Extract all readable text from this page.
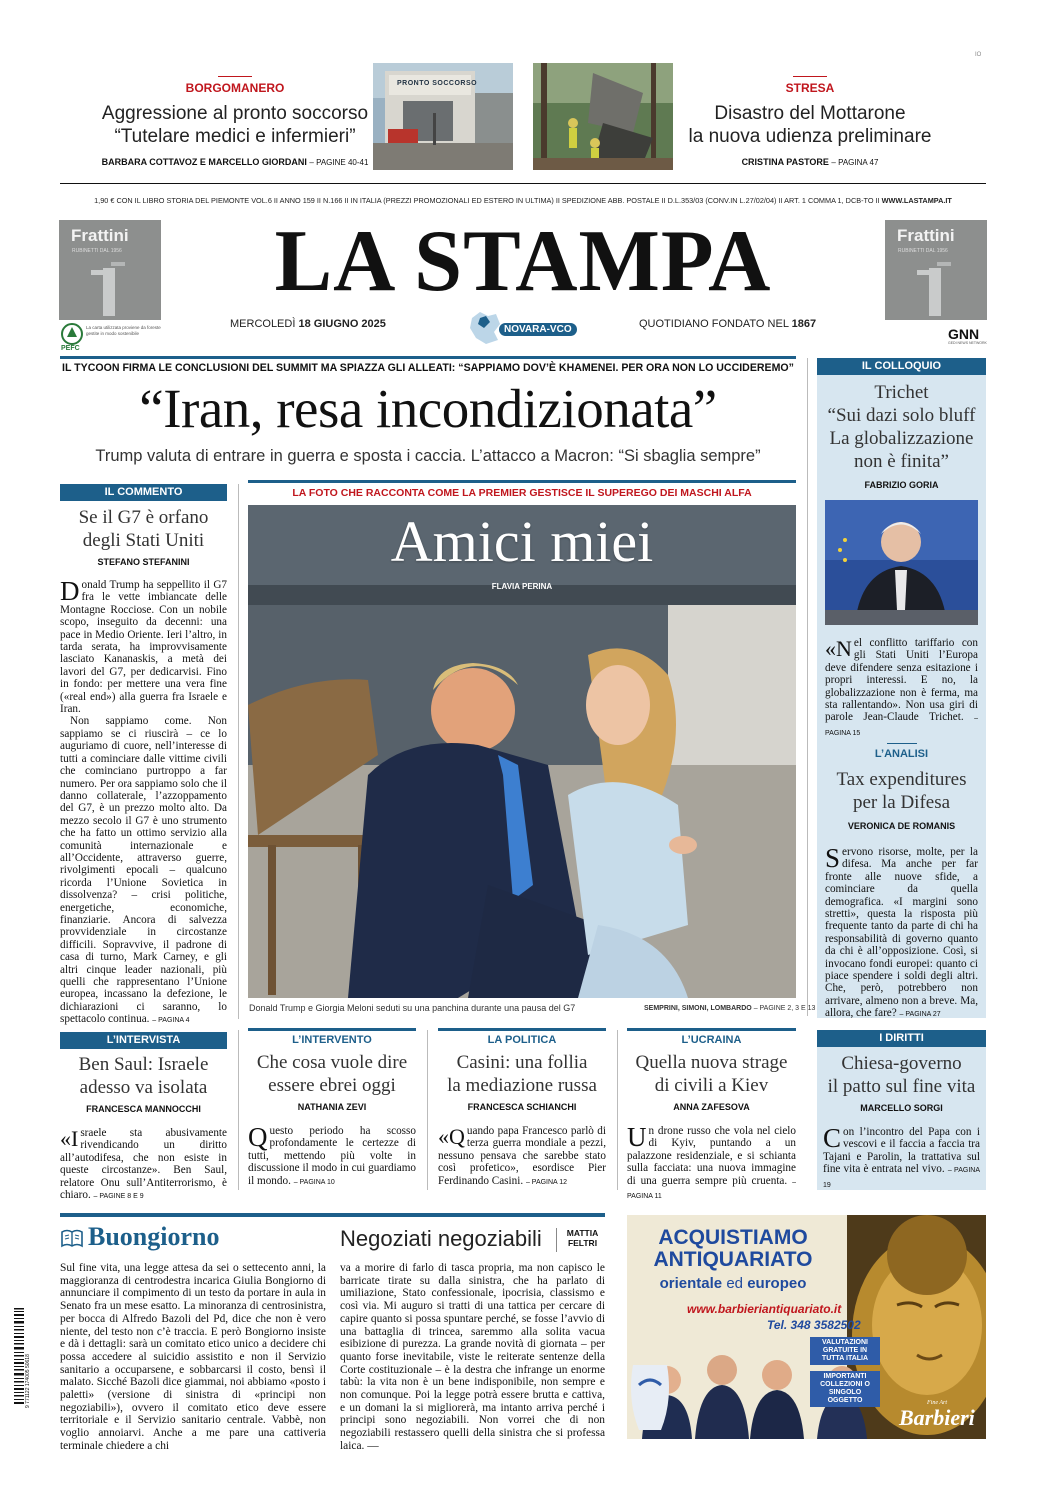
IO
BORGOMANERO
Aggressione al pronto soccorso
“Tutelare medici e infermieri”
BARBARA COTTAVOZ E MARCELLO GIORDANI – PAGINE 40-41
PRONTO SOCCORSO	STRESA
Disastro del Mottarone
la nuova udienza preliminare
CRISTINA PASTORE – PAGINA 47
1,90 € CON IL LIBRO STORIA DEL PIEMONTE VOL.6 II ANNO 159 II N.166 II IN ITALIA (PREZZI PROMOZIONALI ED ESTERO IN ULTIMA) II SPEDIZIONE ABB. POSTALE II D.L.353/03 (CONV.IN L.27/02/04) II ART. 1 COMMA 1, DCB-TO II WWW.LASTAMPA.IT
Frattini
RUBINETTI DAL 1956
PEFC
La carta utilizzata proviene da foreste gestite in modo sostenibile
Frattini
RUBINETTI DAL 1956
LA STAMPA
MERCOLEDÌ 18 GIUGNO 2025	NOVARA-VCO	QUOTIDIANO FONDATO NEL 1867
GNN
GEDI NEWS NETWORK
IL TYCOON FIRMA LE CONCLUSIONI DEL SUMMIT MA SPIAZZA GLI ALLEATI: “SAPPIAMO DOV’È KHAMENEI. PER ORA NON LO UCCIDEREMO”
“Iran, resa incondizionata”
Trump valuta di entrare in guerra e sposta i caccia. L’attacco a Macron: “Si sbaglia sempre”
IL COMMENTO
Se il G7 è orfano
degli Stati Uniti
STEFANO STEFANINI
Donald Trump ha seppellito il G7 fra le vette imbiancate delle Montagne Rocciose. Con un nobile scopo, inseguito da decenni: una pace in Medio Oriente. Ieri l’altro, in tarda serata, ha improvvisamente lasciato Kananaskis, a metà dei lavori del G7, per dedicarvisi. Fino in fondo: per mettere una vera fine («real end») alla guerra fra Israele e Iran.
Non sappiamo come. Non sappiamo se ci riuscirà – ce lo auguriamo di cuore, nell’interesse di tutti a cominciare dalle vittime civili che cominciano purtroppo a far numero. Per ora sappiamo solo che il danno collaterale, l’azzoppamento del G7, è un prezzo molto alto. Da mezzo secolo il G7 è uno strumento che ha fatto un ottimo servizio alla comunità internazionale e all’Occidente, attraverso guerre, rivolgimenti epocali – qualcuno ricorda l’Unione Sovietica in dissolvenza? – crisi politiche, energetiche, economiche, finanziarie. Ancora di salvezza provvidenziale in circostanze difficili. Sopravvive, il padrone di casa di turno, Mark Carney, e gli altri cinque leader nazionali, più quelli che rappresentano l’Unione europea, incassano la defezione, le dichiarazioni ci saranno, lo spettacolo continua. – PAGINA 4
LA FOTO CHE RACCONTA COME LA PREMIER GESTISCE IL SUPEREGO DEI MASCHI ALFA
Amici miei
FLAVIA PERINA
Donald Trump e Giorgia Meloni seduti su una panchina durante una pausa del G7	SEMPRINI, SIMONI, LOMBARDO – PAGINE 2, 3 E 13
IL COLLOQUIO
Trichet
“Sui dazi solo bluff
La globalizzazione
non è finita”
FABRIZIO GORIA
«N el conflitto tariffario con gli Stati Uniti l’Europa deve difendere senza esitazione i propri interessi. E no, la globalizzazione non è ferma, ma sta rallentando». Non usa giri di parole Jean-Claude Trichet. – PAGINA 15
L’ANALISI
Tax expenditures
per la Difesa
VERONICA DE ROMANIS
Servono risorse, molte, per la difesa. Ma anche per far fronte alle nuove sfide, a cominciare da quella demografica. «I margini sono stretti», questa la risposta più frequente tanto da parte di chi ha responsabilità di governo quanto da chi è all’opposizione. Così, si invocano fondi europei: quanto ci piace spendere i soldi degli altri. Che, però, potrebbero non arrivare, almeno non a breve. Ma, allora, che fare? – PAGINA 27
L’INTERVISTA
Ben Saul: Israele
adesso va isolata
FRANCESCA MANNOCCHI
«I sraele sta abusivamente rivendicando un diritto all’autodifesa, che non esiste in queste circostanze». Ben Saul, relatore Onu sull’Antiterrorismo, è chiaro. – PAGINE 8 E 9
L’INTERVENTO
Che cosa vuole dire
essere ebrei oggi
NATHANIA ZEVI
Questo periodo ha scosso profondamente le certezze di tutti, mettendo più volte in discussione il modo in cui guardiamo il mondo. – PAGINA 10
LA POLITICA
Casini: una follia
la mediazione russa
FRANCESCA SCHIANCHI
«Q uando papa Francesco parlò di terza guerra mondiale a pezzi, nessuno pensava che sarebbe stato così profetico», esordisce Pier Ferdinando Casini. – PAGINA 12
L’UCRAINA
Quella nuova strage
di civili a Kiev
ANNA ZAFESOVA
Un drone russo che vola nel cielo di Kyiv, puntando a un palazzone residenziale, e si schianta sulla facciata: una nuova immagine di una guerra sempre più cruenta. – PAGINA 11
I DIRITTI
Chiesa-governo
il patto sul fine vita
MARCELLO SORGI
Con l’incontro del Papa con i vescovi e il faccia a faccia tra Tajani e Parolin, la trattativa sul fine vita è entrata nel vivo. – PAGINA 19
Buongiorno	Negoziati negoziabili	MATTIA
FELTRI
Sul fine vita, una legge attesa da sei o settecento anni, la maggioranza di centrodestra incarica Giulia Bongiorno di annunciare il compimento di un testo da portare in aula in Senato fra un mese esatto. La minoranza di centrosinistra, per bocca di Alfredo Bazoli del Pd, dice che non è vero niente, del testo non c’è traccia. E però Bongiorno insiste e dà i dettagli: sarà un comitato etico unico a decidere chi possa accedere al suicidio assistito e non il Servizio sanitario a occuparsene, e sobbarcarsi il costo, bensì il malato. Sicché Bazoli dice giammai, noi abbiamo «posto i paletti» (versione di sinistra di «principi non negoziabili»), ovvero il comitato etico deve essere territoriale e il Servizio sanitario centrale. Vabbè, non voglio annoiarvi. Anche a me pare una cattiveria terminale chiedere a chi
va a morire di farlo di tasca propria, ma non capisco le barricate tirate su dalla sinistra, che ha parlato di umiliazione, Stato confessionale, ipocrisia, classismo e così via. Mi auguro si tratti di una tattica per cercare di capire quanto si possa spuntare perché, se fosse l’avvio di una battaglia di trincea, saremmo alla solita vacua esibizione di purezza. La grande novità di giornata – per quanto forse inevitabile, viste le reiterate sentenze della Corte costituzionale – è la destra che infrange un enorme tabù: la vita non è un bene indisponibile, non sempre e non comunque. Poi la legge potrà essere brutta e cattiva, e un domani la si migliorerà, ma intanto arriva perché i principi sono negoziabili. Non vorrei che di non negoziabili restassero quelli della sinistra che si professa laica. —
9 771122 174005 50618
ACQUISTIAMO
ANTIQUARIATO
orientale ed europeo
www.barbieriantiquariato.it
Tel. 348 3582502
VALUTAZIONI
GRATUITE IN
TUTTA ITALIA
IMPORTANTI
COLLEZIONI O
SINGOLO
OGGETTO	Fine Art
Barbieri
